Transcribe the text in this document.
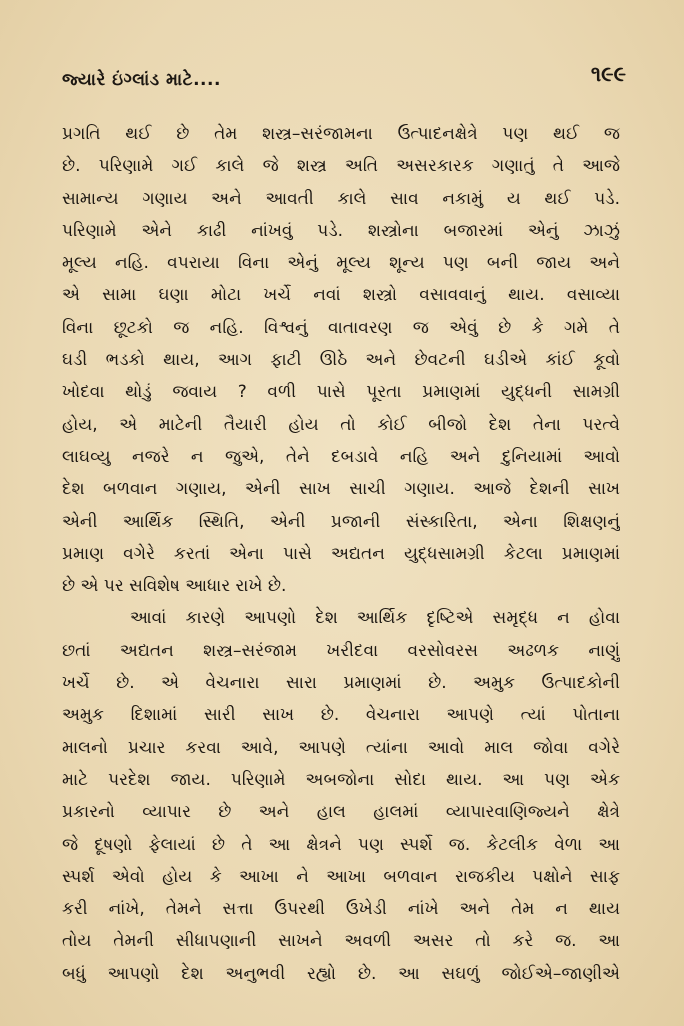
જ્યારે ઇંગ્લાંડ માટે....	૧૯૯
પ્રગતિ થઈ છે તેમ શસ્ત્ર–સરંજામના ઉત્પાદનક્ષેત્રે પણ થઈ જ
છે. પરિણામે ગઈ કાલે જે શસ્ત્ર અતિ અસરકારક ગણાતું તે આજે
સામાન્ય ગણાય અને આવતી કાલે સાવ નકામું ય થઈ પડે.
પરિણામે એને કાઢી નાંખવું પડે. શસ્ત્રોના બજારમાં એનું ઝાઝું
મૂલ્ય નહિ. વપરાયા વિના એનું મૂલ્ય શૂન્ય પણ બની જાય અને
એ સામા ઘણા મોટા ખર્ચે નવાં શસ્ત્રો વસાવવાનું થાય. વસાવ્યા
વિના છૂટકો જ નહિ. વિશ્વનું વાતાવરણ જ એવું છે કે ગમે તે
ઘડી ભડકો થાય, આગ ફાટી ઊઠે અને છેવટની ઘડીએ કાંઈ કૂવો
ખોદવા થોડું જવાય ? વળી પાસે પૂરતા પ્રમાણમાં યુદ્ધની સામગ્રી
હોય, એ માટેની તૈયારી હોય તો કોઈ બીજો દેશ તેના પરત્વે
લાઘવ્યુ નજરે ન જુએ, તેને દબડાવે નહિ અને દુનિયામાં આવો
દેશ બળવાન ગણાય, એની સાખ સાચી ગણાય. આજે દેશની સાખ
એની આર્થિક સ્થિતિ, એની પ્રજાની સંસ્કારિતા, એના શિક્ષણનું
પ્રમાણ વગેરે કરતાં એના પાસે અદ્યતન યુદ્ધસામગ્રી કેટલા પ્રમાણમાં
છે એ પર સવિશેષ આધાર રાખે છે.
આવાં કારણે આપણો દેશ આર્થિક દૃષ્ટિએ સમૃદ્ધ ન હોવા
છતાં અદ્યતન શસ્ત્ર–સરંજામ ખરીદવા વરસોવરસ અઢળક નાણું
ખર્ચે છે. એ વેચનારા સારા પ્રમાણમાં છે. અમુક ઉત્પાદકોની
અમુક દિશામાં સારી સાખ છે. વેચનારા આપણે ત્યાં પોતાના
માલનો પ્રચાર કરવા આવે, આપણે ત્યાંના આવો માલ જોવા વગેરે
માટે પરદેશ જાય. પરિણામે અબજોના સોદા થાય. આ પણ એક
પ્રકારનો વ્યાપાર છે અને હાલ હાલમાં વ્યાપારવાણિજ્યને ક્ષેત્રે
જે દૂષણો ફેલાયાં છે તે આ ક્ષેત્રને પણ સ્પર્શે જ. કેટલીક વેળા આ
સ્પર્શ એવો હોય કે આખા ને આખા બળવાન રાજકીય પક્ષોને સાફ
કરી નાંખે, તેમને સત્તા ઉપરથી ઉખેડી નાંખે અને તેમ ન થાય
તોય તેમની સીધાપણાની સાખને અવળી અસર તો કરે જ. આ
બધું આપણો દેશ અનુભવી રહ્યો છે. આ સઘળું જોઈએ–જાણીએ
